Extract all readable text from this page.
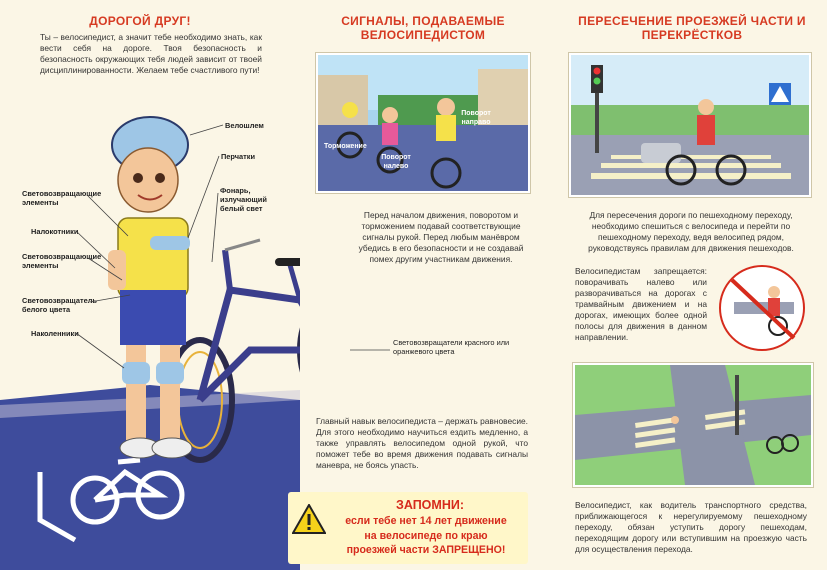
ДОРОГОЙ ДРУГ!
Ты – велосипедист, а значит тебе необходимо знать, как вести себя на дороге. Твоя безопасность и безопасность окружающих тебя людей зависит от твоей дисциплинированности. Желаем тебе счастливого пути!
Велошлем
Перчатки
Световозвращающие элементы
Фонарь, излучающий белый свет
Налокотники
Световозвращающие элементы
Световозвращатель белого цвета
Наколенники
СИГНАЛЫ, ПОДАВАЕМЫЕ ВЕЛОСИПЕДИСТОМ
Торможение
Поворот налево
Поворот направо
Перед началом движения, поворотом и торможением подавай соответствующие сигналы рукой. Перед любым манёвром убедись в его безопасности и не создавай помех другим участникам движения.
Световозвращатели красного или оранжевого цвета
Главный навык велосипедиста – держать равновесие. Для этого необходимо научиться ездить медленно, а также управлять велосипедом одной рукой, что поможет тебе во время движения подавать сигналы маневра, не боясь упасть.
ЗАПОМНИ:
если тебе нет 14 лет движение
на велосипеде по краю
проезжей части ЗАПРЕЩЕНО!
ПЕРЕСЕЧЕНИЕ ПРОЕЗЖЕЙ ЧАСТИ И ПЕРЕКРЁСТКОВ
Для пересечения дороги по пешеходному переходу, необходимо спешиться с велосипеда и перейти по пешеходному переходу, ведя велосипед рядом, руководствуясь правилам для движения пешеходов.
Велосипедистам запрещается: поворачивать налево или разворачиваться на дорогах с трамвайным движением и на дорогах, имеющих более одной полосы для движения в данном направлении.
Велосипедист, как водитель транспортного средства, приближающегося к нерегулируемому пешеходному переходу, обязан уступить дорогу пешеходам, переходящим дорогу или вступившим на проезжую часть для осуществления перехода.
